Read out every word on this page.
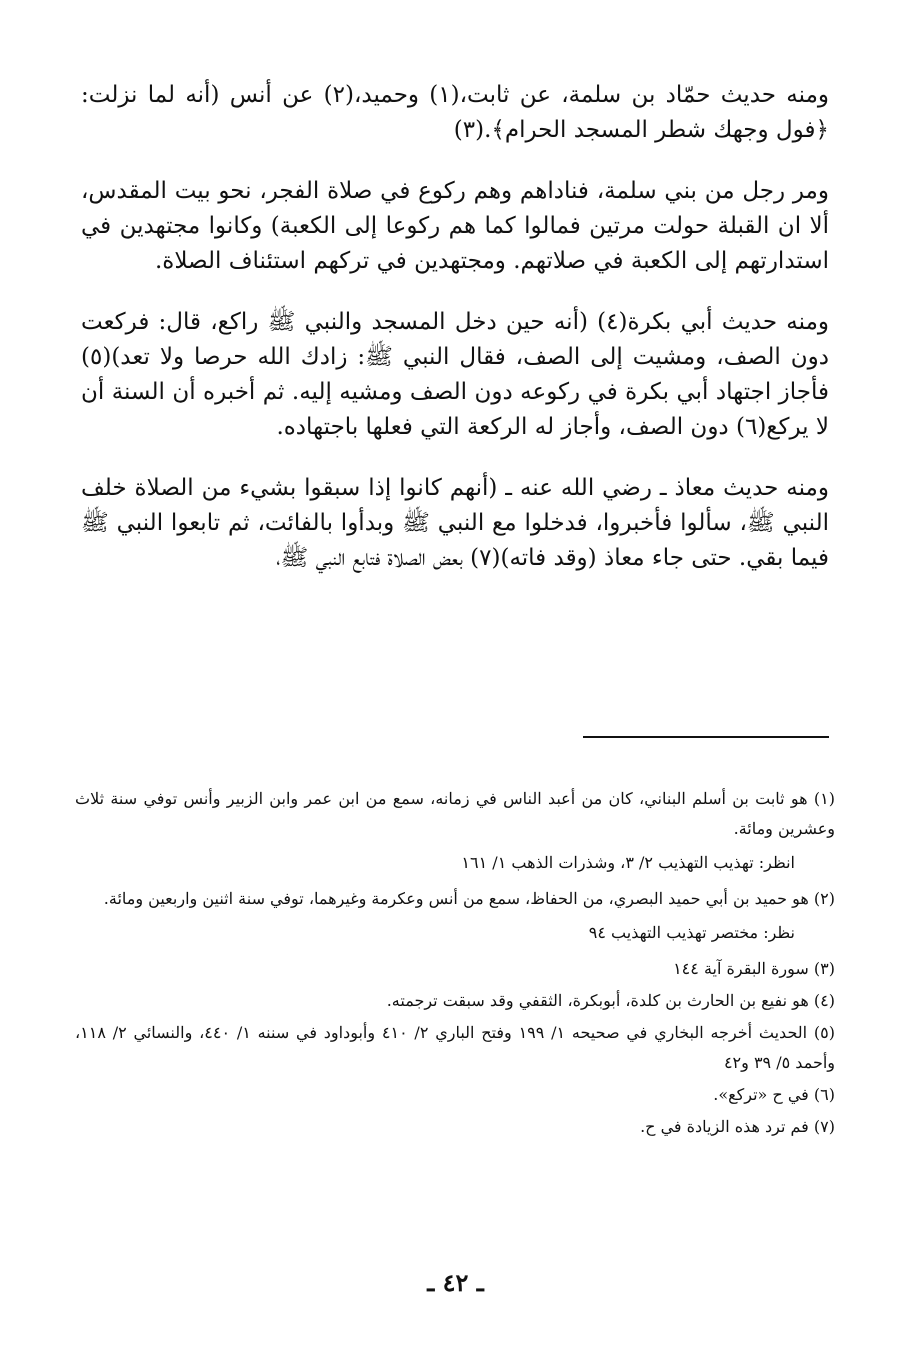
ومنه حديث حمّاد بن سلمة، عن ثابت،(١) وحميد،(٢) عن أنس (أنه لما نزلت: ﴿فول وجهك شطر المسجد الحرام﴾.(٣)

ومر رجل من بني سلمة، فناداهم وهم ركوع في صلاة الفجر، نحو بيت المقدس، ألا ان القبلة حولت مرتين فمالوا كما هم ركوعا إلى الكعبة) وكانوا مجتهدين في استدارتهم إلى الكعبة في صلاتهم. ومجتهدين في تركهم استئناف الصلاة.

ومنه حديث أبي بكرة(٤) (أنه حين دخل المسجد والنبي ﷺ راكع، قال: فركعت دون الصف، ومشيت إلى الصف، فقال النبي ﷺ: زادك الله حرصا ولا تعد)(٥) فأجاز اجتهاد أبي بكرة في ركوعه دون الصف ومشيه إليه. ثم أخبره أن السنة أن لا يركع(٦) دون الصف، وأجاز له الركعة التي فعلها باجتهاده.

ومنه حديث معاذ ـ رضي الله عنه ـ (أنهم كانوا إذا سبقوا بشيء من الصلاة خلف النبي ﷺ، سألوا فأخبروا، فدخلوا مع النبي ﷺ وبدأوا بالفائت، ثم تابعوا النبي ﷺ فيما بقي. حتى جاء معاذ (وقد فاته)(٧) بعض الصلاة فتابع النبي ﷺ،

(١) هو ثابت بن أسلم البناني، كان من أعبد الناس في زمانه، سمع من ابن عمر وابن الزبير وأنس توفي سنة ثلاث وعشرين ومائة.

انظر: تهذيب التهذيب ٢/ ٣، وشذرات الذهب ١/ ١٦١

(٢) هو حميد بن أبي حميد البصري، من الحفاظ، سمع من أنس وعكرمة وغيرهما، توفي سنة اثنين واربعين ومائة.

نظر: مختصر تهذيب التهذيب ٩٤

(٣) سورة البقرة آية ١٤٤

(٤) هو نفيع بن الحارث بن كلدة، أبوبكرة، الثقفي وقد سبقت ترجمته.

(٥) الحديث أخرجه البخاري في صحيحه ١/ ١٩٩ وفتح الباري ٢/ ٤١٠ وأبوداود في سننه ١/ ٤٤٠، والنسائي ٢/ ١١٨، وأحمد ٥/ ٣٩ و٤٢

(٦) في ح «تركع».

(٧) فم ترد هذه الزيادة في ح.

ـ ٤٢ ـ
